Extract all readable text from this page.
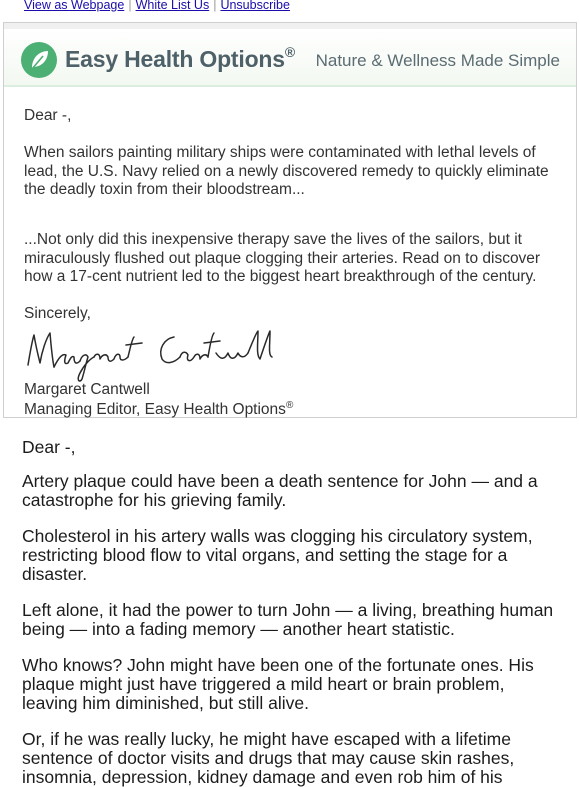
View as Webpage | White List Us | Unsubscribe
Easy Health Options® Nature & Wellness Made Simple

Dear -,

When sailors painting military ships were contaminated with lethal levels of lead, the U.S. Navy relied on a newly discovered remedy to quickly eliminate the deadly toxin from their bloodstream...

...Not only did this inexpensive therapy save the lives of the sailors, but it miraculously flushed out plaque clogging their arteries. Read on to discover how a 17-cent nutrient led to the biggest heart breakthrough of the century.

Sincerely,

Margaret Cantwell

Managing Editor, Easy Health Options®

Dear -,

Artery plaque could have been a death sentence for John — and a catastrophe for his grieving family.

Cholesterol in his artery walls was clogging his circulatory system, restricting blood flow to vital organs, and setting the stage for a disaster.

Left alone, it had the power to turn John — a living, breathing human being — into a fading memory — another heart statistic.

Who knows? John might have been one of the fortunate ones. His plaque might just have triggered a mild heart or brain problem, leaving him diminished, but still alive.

Or, if he was really lucky, he might have escaped with a lifetime sentence of doctor visits and drugs that may cause skin rashes, insomnia, depression, kidney damage and even rob him of his
